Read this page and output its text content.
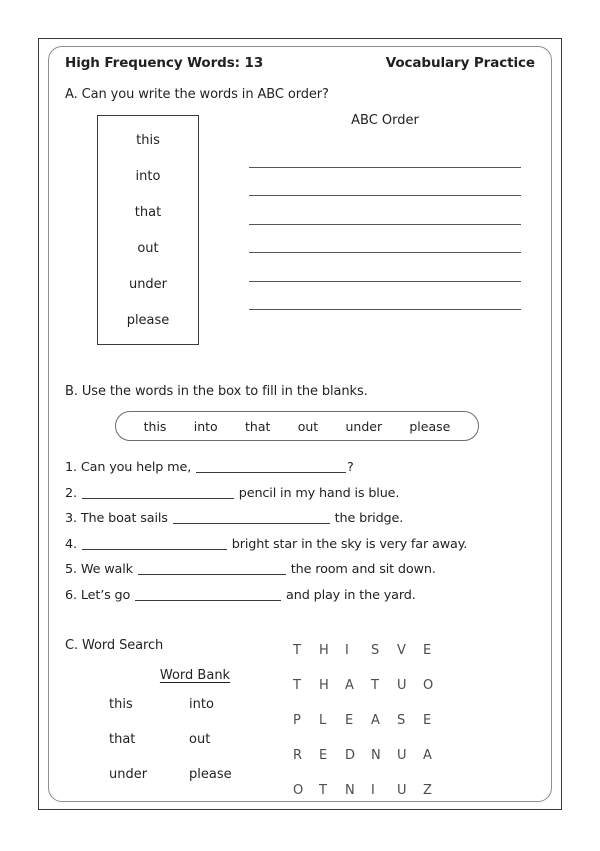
High Frequency Words: 13	Vocabulary Practice
A. Can you write the words in ABC order?
this
into
that
out
under
please
ABC Order
B. Use the words in the box to fill in the blanks.
this into that out under please
1. Can you help me,	?
2.	pencil in my hand is blue.
3. The boat sails	the bridge.
4.	bright star in the sky is very far away.
5. We walk	the room and sit down.
6. Let’s go	and play in the yard.
C. Word Search
Word Bank
this	into
that	out
under	please
T	H	I	S	V	E
T	H	A	T	U	O
P	L	E	A	S	E
R	E	D	N	U	A
O	T	N	I	U	Z
